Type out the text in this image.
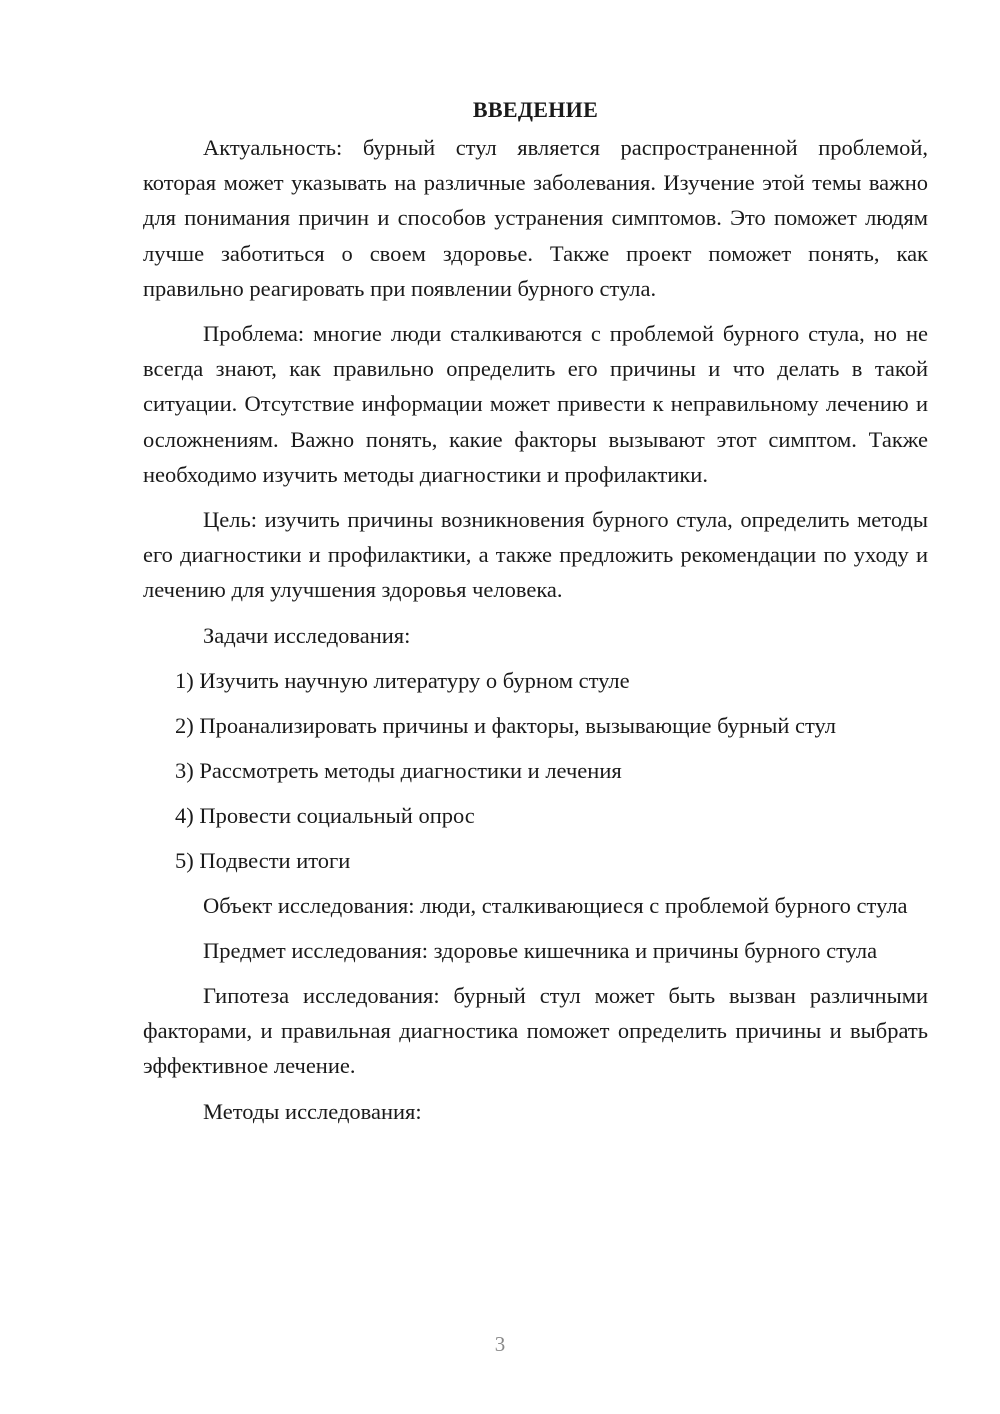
ВВЕДЕНИЕ

Актуальность: бурный стул является распространенной проблемой, которая может указывать на различные заболевания. Изучение этой темы важно для понимания причин и способов устранения симптомов. Это поможет людям лучше заботиться о своем здоровье. Также проект поможет понять, как правильно реагировать при появлении бурного стула.

Проблема: многие люди сталкиваются с проблемой бурного стула, но не всегда знают, как правильно определить его причины и что делать в такой ситуации. Отсутствие информации может привести к неправильному лечению и осложнениям. Важно понять, какие факторы вызывают этот симптом. Также необходимо изучить методы диагностики и профилактики.

Цель: изучить причины возникновения бурного стула, определить методы его диагностики и профилактики, а также предложить рекомендации по уходу и лечению для улучшения здоровья человека.

Задачи исследования:

1) Изучить научную литературу о бурном стуле
2) Проанализировать причины и факторы, вызывающие бурный стул
3) Рассмотреть методы диагностики и лечения
4) Провести социальный опрос
5) Подвести итоги

Объект исследования: люди, сталкивающиеся с проблемой бурного стула

Предмет исследования: здоровье кишечника и причины бурного стула

Гипотеза исследования: бурный стул может быть вызван различными факторами, и правильная диагностика поможет определить причины и выбрать эффективное лечение.

Методы исследования:

3
